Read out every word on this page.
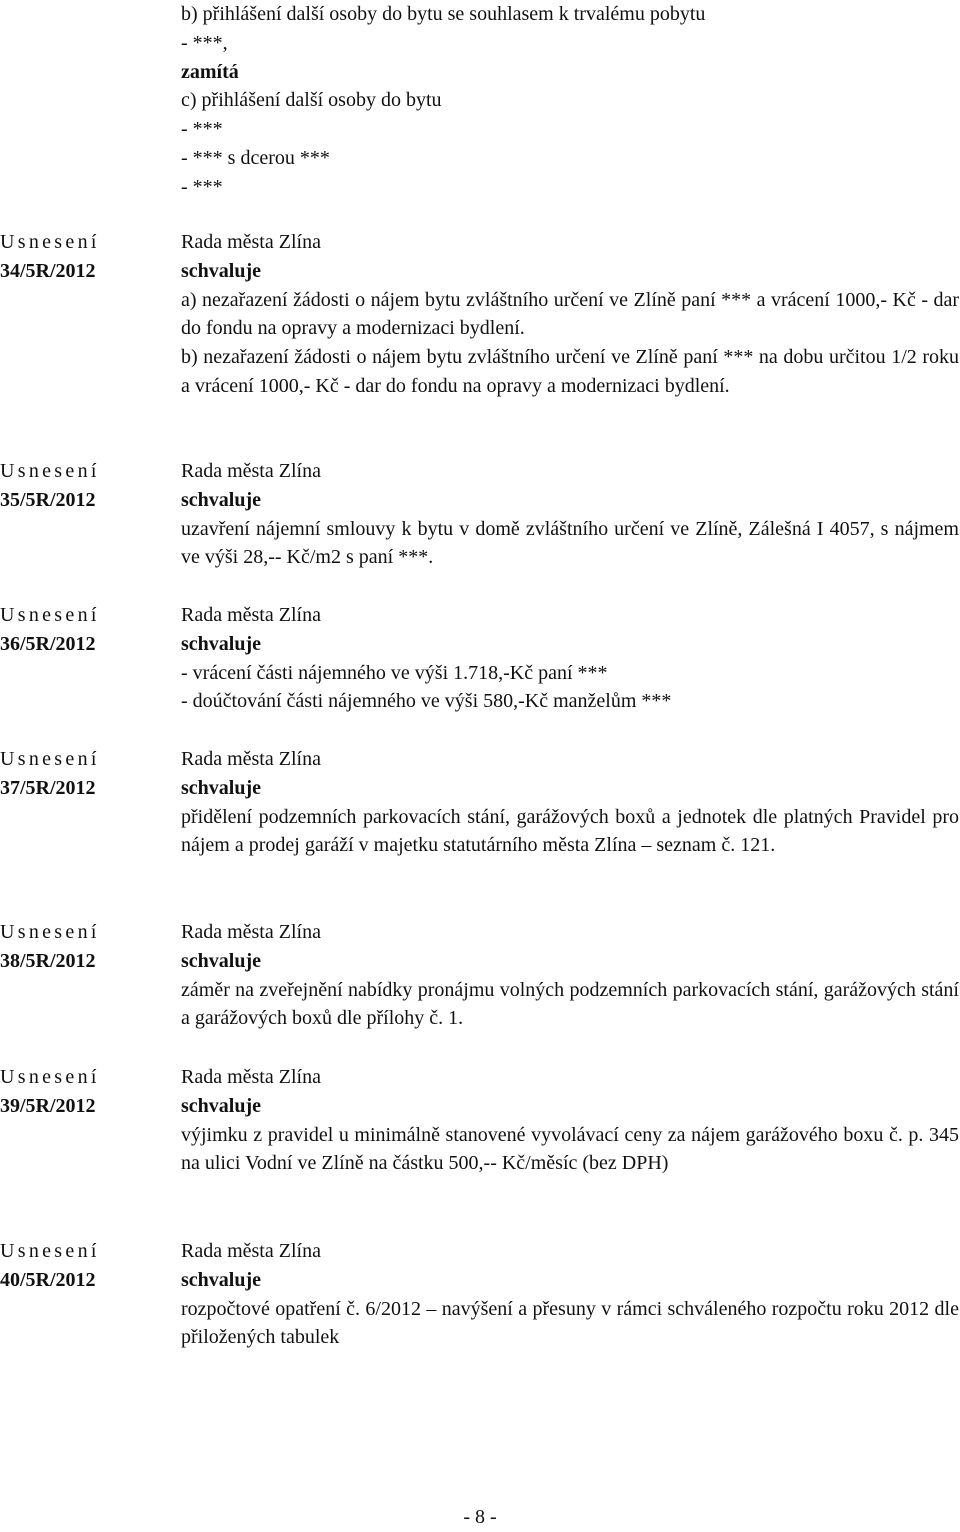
b) přihlášení další osoby do bytu se souhlasem k trvalému pobytu
- ***,
zamítá
c) přihlášení další osoby do bytu
- ***
- *** s dcerou ***
- ***
Usnesení
34/5R/2012
Rada města Zlína
schvaluje
a) nezařazení žádosti o nájem bytu zvláštního určení ve Zlíně paní *** a vrácení 1000,- Kč - dar do fondu na opravy a modernizaci bydlení.
b) nezařazení žádosti o nájem bytu zvláštního určení ve Zlíně paní *** na dobu určitou 1/2 roku a vrácení 1000,- Kč - dar do fondu na opravy a modernizaci bydlení.
Usnesení
35/5R/2012
Rada města Zlína
schvaluje
uzavření nájemní smlouvy k bytu v domě zvláštního určení ve Zlíně, Zálešná I 4057, s nájmem ve výši 28,-- Kč/m2 s paní ***.
Usnesení
36/5R/2012
Rada města Zlína
schvaluje
- vrácení části nájemného ve výši 1.718,-Kč paní ***
- doúčtování části nájemného ve výši 580,-Kč manželům ***
Usnesení
37/5R/2012
Rada města Zlína
schvaluje
přidělení podzemních parkovacích stání, garážových boxů a jednotek dle platných Pravidel pro nájem a prodej garáží v majetku statutárního města Zlína – seznam č. 121.
Usnesení
38/5R/2012
Rada města Zlína
schvaluje
záměr na zveřejnění nabídky pronájmu volných podzemních parkovacích stání, garážových stání a garážových boxů dle přílohy č. 1.
Usnesení
39/5R/2012
Rada města Zlína
schvaluje
výjimku z pravidel u minimálně stanovené vyvolávací ceny za nájem garážového boxu č. p. 345 na ulici Vodní ve Zlíně na částku 500,-- Kč/měsíc (bez DPH)
Usnesení
40/5R/2012
Rada města Zlína
schvaluje
rozpočtové opatření č. 6/2012 – navýšení a přesuny v rámci schváleného rozpočtu roku 2012 dle přiložených tabulek
- 8 -
